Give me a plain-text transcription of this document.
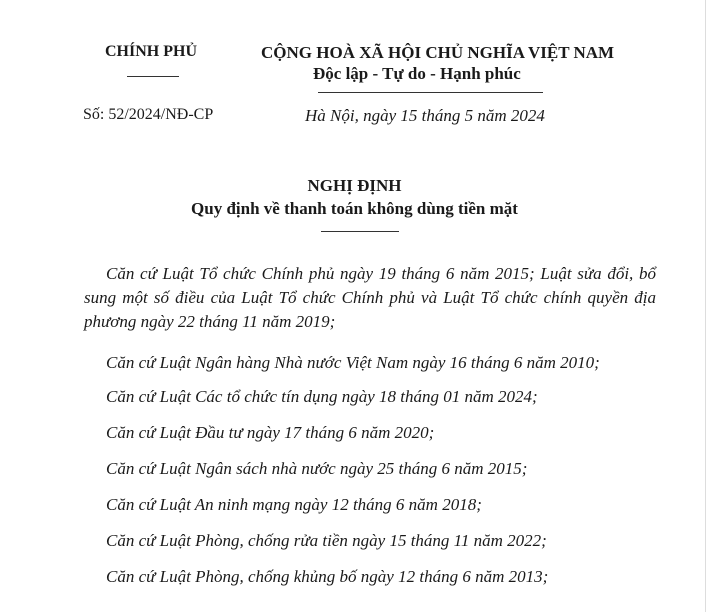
CHÍNH PHỦ	CỘNG HOÀ XÃ HỘI CHỦ NGHĨA VIỆT NAM
Độc lập - Tự do - Hạnh phúc
Số: 52/2024/NĐ-CP	Hà Nội, ngày 15 tháng 5 năm 2024
NGHỊ ĐỊNH
Quy định về thanh toán không dùng tiền mặt
Căn cứ Luật Tổ chức Chính phủ ngày 19 tháng 6 năm 2015; Luật sửa đổi, bổ sung một số điều của Luật Tổ chức Chính phủ và Luật Tổ chức chính quyền địa phương ngày 22 tháng 11 năm 2019;
Căn cứ Luật Ngân hàng Nhà nước Việt Nam ngày 16 tháng 6 năm 2010;
Căn cứ Luật Các tổ chức tín dụng ngày 18 tháng 01 năm 2024;
Căn cứ Luật Đầu tư ngày 17 tháng 6 năm 2020;
Căn cứ Luật Ngân sách nhà nước ngày 25 tháng 6 năm 2015;
Căn cứ Luật An ninh mạng ngày 12 tháng 6 năm 2018;
Căn cứ Luật Phòng, chống rửa tiền ngày 15 tháng 11 năm 2022;
Căn cứ Luật Phòng, chống khủng bố ngày 12 tháng 6 năm 2013;
